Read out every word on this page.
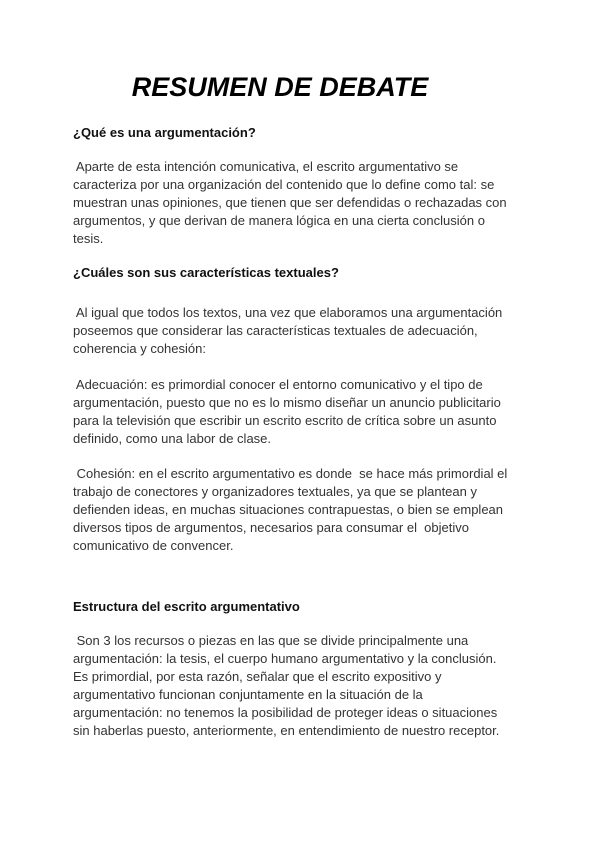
RESUMEN DE DEBATE
¿Qué es una argumentación?
Aparte de esta intención comunicativa, el escrito argumentativo se
caracteriza por una organización del contenido que lo define como tal: se
muestran unas opiniones, que tienen que ser defendidas o rechazadas con
argumentos, y que derivan de manera lógica en una cierta conclusión o
tesis.
¿Cuáles son sus características textuales?
Al igual que todos los textos, una vez que elaboramos una argumentación
poseemos que considerar las características textuales de adecuación,
coherencia y cohesión:
Adecuación: es primordial conocer el entorno comunicativo y el tipo de
argumentación, puesto que no es lo mismo diseñar un anuncio publicitario
para la televisión que escribir un escrito escrito de crítica sobre un asunto
definido, como una labor de clase.
Cohesión: en el escrito argumentativo es donde  se hace más primordial el
trabajo de conectores y organizadores textuales, ya que se plantean y
defienden ideas, en muchas situaciones contrapuestas, o bien se emplean
diversos tipos de argumentos, necesarios para consumar el  objetivo
comunicativo de convencer.
Estructura del escrito argumentativo
Son 3 los recursos o piezas en las que se divide principalmente una
argumentación: la tesis, el cuerpo humano argumentativo y la conclusión.
Es primordial, por esta razón, señalar que el escrito expositivo y
argumentativo funcionan conjuntamente en la situación de la
argumentación: no tenemos la posibilidad de proteger ideas o situaciones
sin haberlas puesto, anteriormente, en entendimiento de nuestro receptor.
